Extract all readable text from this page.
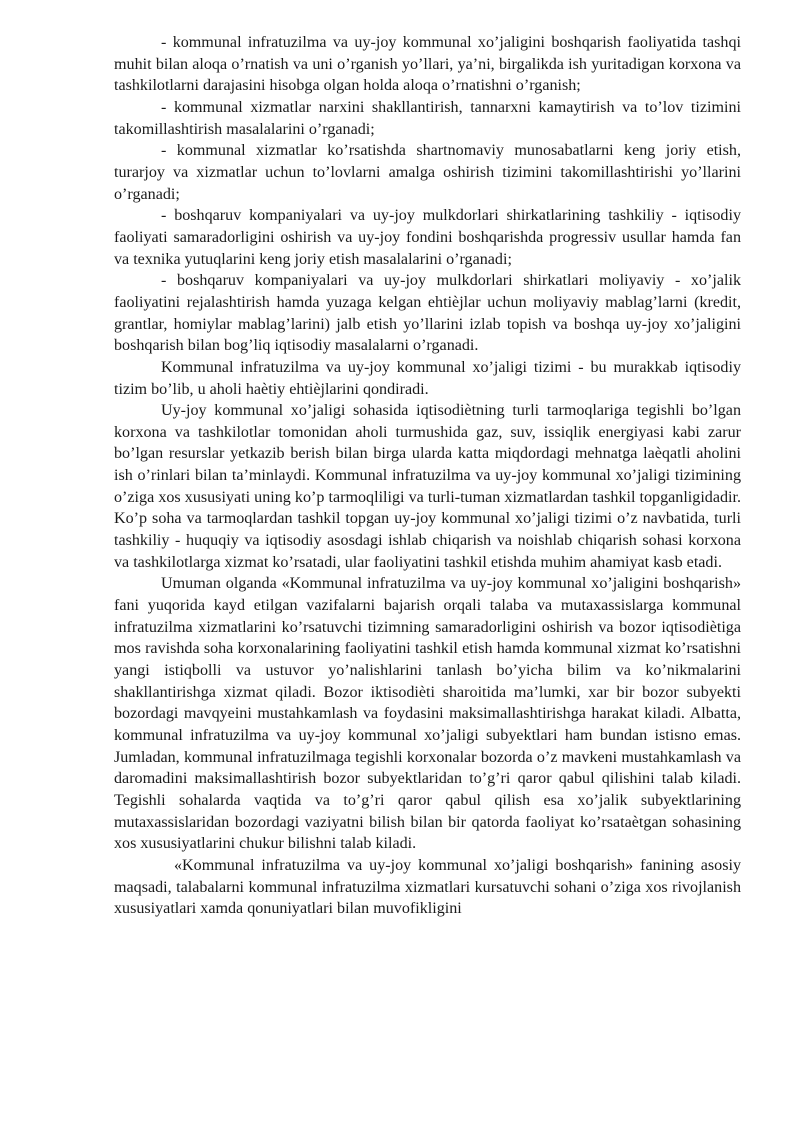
- kommunal infratuzilma va uy-joy kommunal xo’jaligini boshqarish faoliyatida tashqi muhit bilan aloqa o’rnatish va uni o’rganish yo’llari, ya’ni, birgalikda ish yuritadigan korxona va tashkilotlarni darajasini hisobga olgan holda aloqa o’rnatishni o’rganish;

- kommunal xizmatlar narxini shakllantirish, tannarxni kamaytirish va to’lov tizimini takomillashtirish masalalarini o’rganadi;

- kommunal xizmatlar ko’rsatishda shartnomaviy munosabatlarni keng joriy etish, turarjoy va xizmatlar uchun to’lovlarni amalga oshirish tizimini takomillashtirishi yo’llarini o’rganadi;

- boshqaruv kompaniyalari va uy-joy mulkdorlari shirkatlarining tashkiliy - iqtisodiy faoliyati samaradorligini oshirish va uy-joy fondini boshqarishda progressiv usullar hamda fan va texnika yutuqlarini keng joriy etish masalalarini o’rganadi;

- boshqaruv kompaniyalari va uy-joy mulkdorlari shirkatlari moliyaviy - xo’jalik faoliyatini rejalashtirish hamda yuzaga kelgan ehtièjlar uchun moliyaviy mablag’larni (kredit, grantlar, homiylar mablag’larini) jalb etish yo’llarini izlab topish va boshqa uy-joy xo’jaligini boshqarish bilan bog’liq iqtisodiy masalalarni o’rganadi.

Kommunal infratuzilma va uy-joy kommunal xo’jaligi tizimi - bu murakkab iqtisodiy tizim bo’lib, u aholi haètiy ehtièjlarini qondiradi.

Uy-joy kommunal xo’jaligi sohasida iqtisodiètning turli tarmoqlariga tegishli bo’lgan korxona va tashkilotlar tomonidan aholi turmushida gaz, suv, issiqlik energiyasi kabi zarur bo’lgan resurslar yetkazib berish bilan birga ularda katta miqdordagi mehnatga laèqatli aholini ish o’rinlari bilan ta’minlaydi. Kommunal infratuzilma va uy-joy kommunal xo’jaligi tizimining o’ziga xos xususiyati uning ko’p tarmoqliligi va turli-tuman xizmatlardan tashkil topganligidadir. Ko’p soha va tarmoqlardan tashkil topgan uy-joy kommunal xo’jaligi tizimi o’z navbatida, turli tashkiliy - huquqiy va iqtisodiy asosdagi ishlab chiqarish va noishlab chiqarish sohasi korxona va tashkilotlarga xizmat ko’rsatadi, ular faoliyatini tashkil etishda muhim ahamiyat kasb etadi.

Umuman olganda «Kommunal infratuzilma va uy-joy kommunal xo’jaligini boshqarish» fani yuqorida kayd etilgan vazifalarni bajarish orqali talaba va mutaxassislarga kommunal infratuzilma xizmatlarini ko’rsatuvchi tizimning samaradorligini oshirish va bozor iqtisodiètiga mos ravishda soha korxonalarining faoliyatini tashkil etish hamda kommunal xizmat ko’rsatishni yangi istiqbolli va ustuvor yo’nalishlarini tanlash bo’yicha bilim va ko’nikmalarini shakllantirishga xizmat qiladi. Bozor iktisodièti sharoitida ma’lumki, xar bir bozor subyekti bozordagi mavqyeini mustahkamlash va foydasini maksimallashtirishga harakat kiladi. Albatta, kommunal infratuzilma va uy-joy kommunal xo’jaligi subyektlari ham bundan istisno emas. Jumladan, kommunal infratuzilmaga tegishli korxonalar bozorda o’z mavkeni mustahkamlash va daromadini maksimallashtirish bozor subyektlaridan to’g’ri qaror qabul qilishini talab kiladi. Tegishli sohalarda vaqtida va to’g’ri qaror qabul qilish esa xo’jalik subyektlarining mutaxassislaridan bozordagi vaziyatni bilish bilan bir qatorda faoliyat ko’rsataètgan sohasining xos xususiyatlarini chukur bilishni talab kiladi.

«Kommunal infratuzilma va uy-joy kommunal xo’jaligi boshqarish» fanining asosiy maqsadi, talabalarni kommunal infratuzilma xizmatlari kursatuvchi sohani o’ziga xos rivojlanish xususiyatlari xamda qonuniyatlari bilan muvofikligini
